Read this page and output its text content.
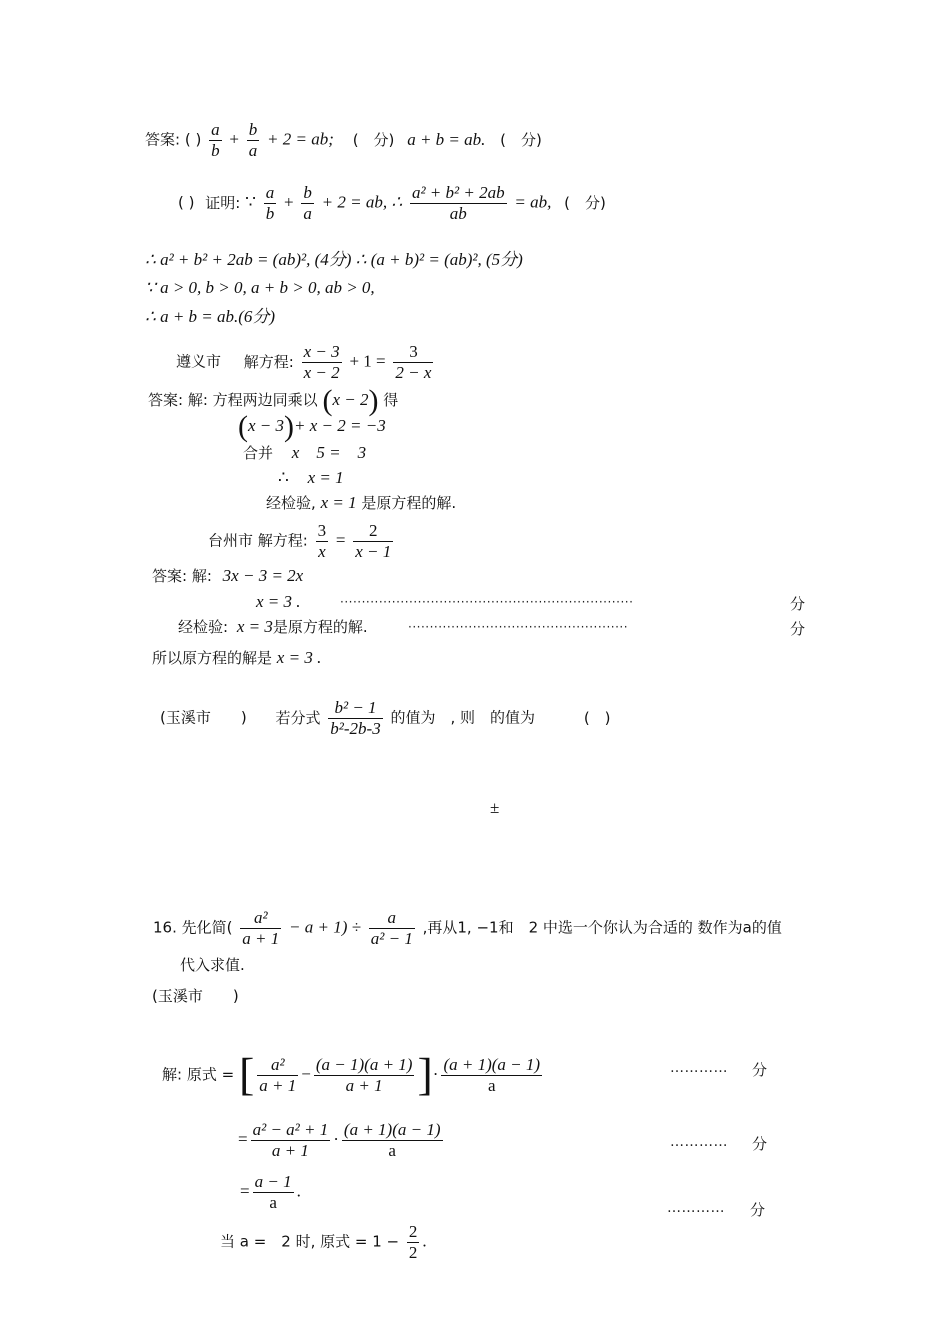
答案: ( ) $\frac{a}{b} + \frac{b}{a} + 2$ = ab; (　分) a + b = ab. (　分)
( ) 证明: ∵ $\frac{a}{b} + \frac{b}{a} + 2$ = ab, ∴ $\frac{\text{a² + b² + 2ab}}{ab}$ = ab, (　分)
∴ a² + b² + 2ab = (ab)², (4分) ∴ (a + b)² = (ab)², (5分)
∵ a > 0, b > 0, a + b > 0, ab > 0,
∴ a + b = ab.(6分)
遵义市 解方程: $\frac{x - 3}{x - 2} + 1 = \frac{3}{2 - x}$
答案: 解: 方程两边同乘以 (x − 2) 得
(x − 3)+ x − 2 = −3
合并 x　5 =　3
∴ x = 1
经检验, x = 1 是原方程的解.
台州市 解方程: $\frac{3}{x} = \frac{2}{x - 1}$
答案: 解: 3x − 3 = 2x
x = 3 .	····································································	分
经检验: x = 3是原方程的解.	···················································	分
所以原方程的解是 x = 3 .
(玉溪市　　) 若分式 $\frac{\text{b² − 1}}{\text{b²-2b-3}}$ 的值为　, 则　的值为	(　)
±
16. 先化简( $\frac{\text{a²}}{a + 1} - a + 1) \div \frac{a}{\text{a² − 1}}$ ,再从1, −1和　2 中选一个你认为合适的 数作为a的值
代入求值.
(玉溪市　　)
解: 原式 = [ $\frac{\text{a²}}{a + 1} - \frac{(a - 1)(a + 1)}{a + 1}$ ]· $\frac{(a + 1)(a - 1)}{a}$	………… 分
= $\frac{\text{a² − a² + 1}}{a + 1} \cdot \frac{(a + 1)(a - 1)}{a}$	………… 分
= $\frac{a - 1}{a}$ .
………… 分
当 a =　2 时, 原式 = $1 - \frac{2}{2}$ .
